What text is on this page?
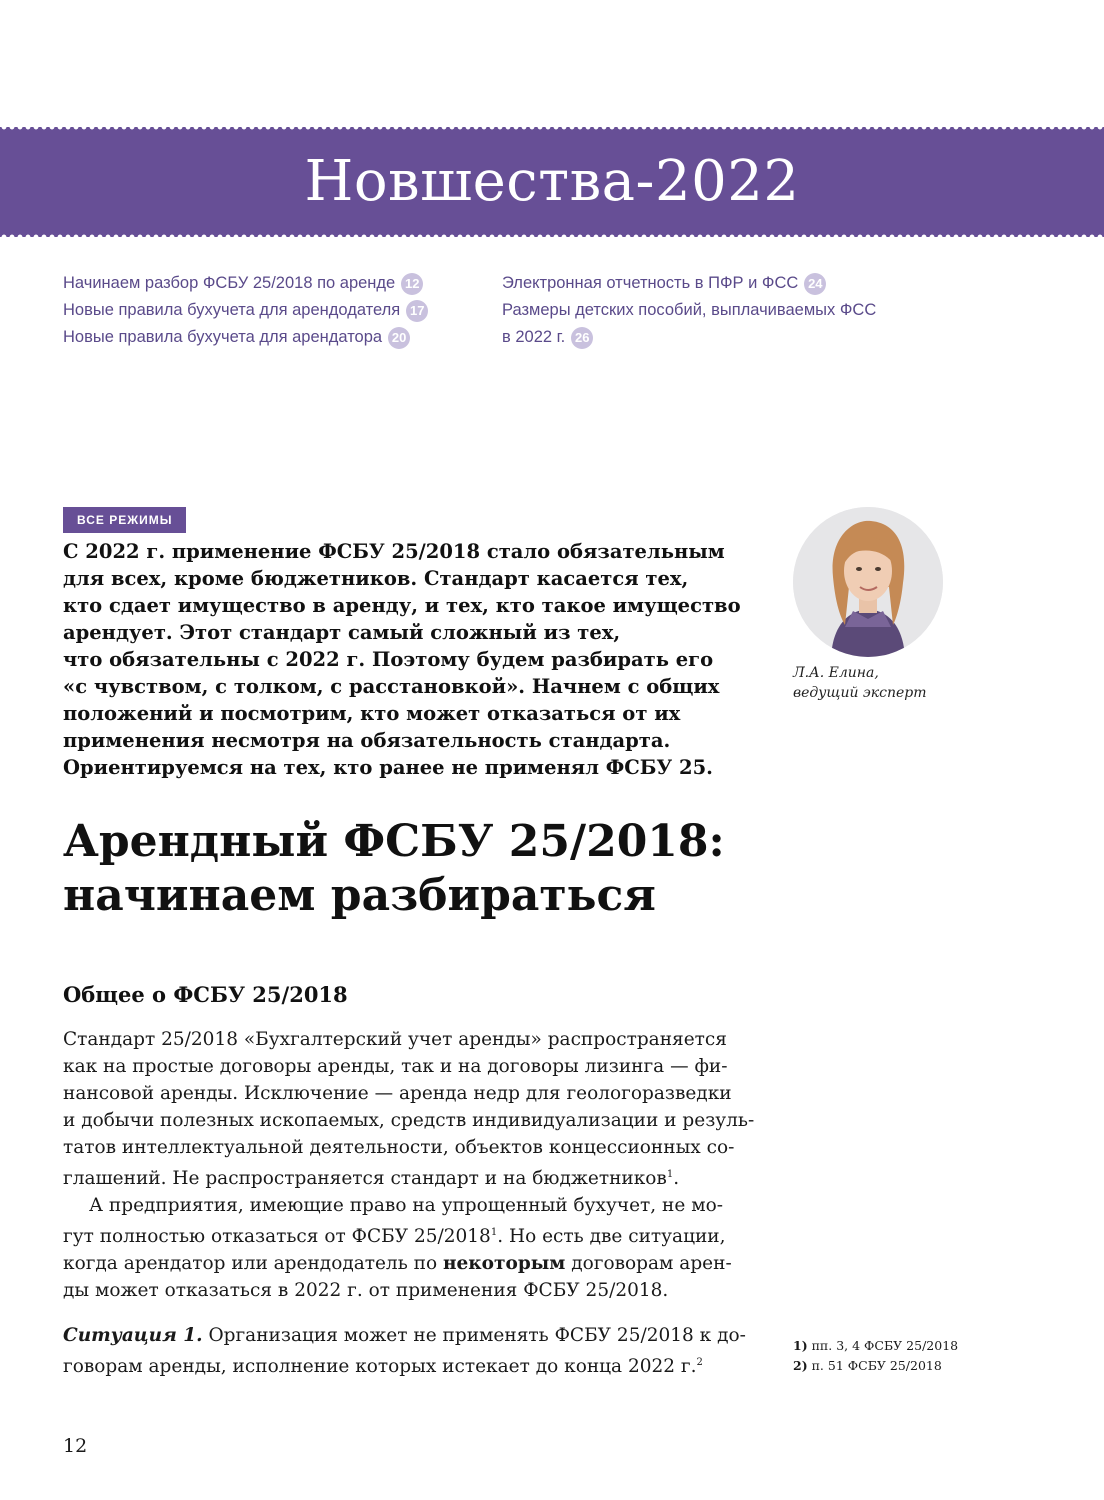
Новшества-2022
Начинаем разбор ФСБУ 25/2018 по аренде 12
Новые правила бухучета для арендодателя 17
Новые правила бухучета для арендатора 20
Электронная отчетность в ПФР и ФСС 24
Размеры детских пособий, выплачиваемых ФСС
в 2022 г. 26
ВСЕ РЕЖИМЫ

С 2022 г. применение ФСБУ 25/2018 стало обязательным

для всех, кроме бюджетников. Стандарт касается тех,

кто сдает имущество в аренду, и тех, кто такое имущество

арендует. Этот стандарт самый сложный из тех,

что обязательны с 2022 г. Поэтому будем разбирать его

«с чувством, с толком, с расстановкой». Начнем с общих

положений и посмотрим, кто может отказаться от их

применения несмотря на обязательность стандарта.

Ориентируемся на тех, кто ранее не применял ФСБУ 25.

Л.А. Елина,
ведущий эксперт

Арендный ФСБУ 25/2018:

начинаем разбираться

Общее о ФСБУ 25/2018

Стандарт 25/2018 «Бухгалтерский учет аренды» распространяется

как на простые договоры аренды, так и на договоры лизинга — фи-

нансовой аренды. Исключение — аренда недр для геологоразведки

и добычи полезных ископаемых, средств индивидуализации и резуль-

татов интеллектуальной деятельности, объектов концессионных со-

глашений. Не распространяется стандарт и на бюджетников$^1$.

А предприятия, имеющие право на упрощенный бухучет, не мо-

гут полностью отказаться от ФСБУ 25/2018$^1$. Но есть две ситуации,

когда арендатор или арендодатель по некоторым договорам арен-

ды может отказаться в 2022 г. от применения ФСБУ 25/2018.

Ситуация 1. Организация может не применять ФСБУ 25/2018 к до-

говорам аренды, исполнение которых истекает до конца 2022 г.$^2$

1) пп. 3, 4 ФСБУ 25/2018
2) п. 51 ФСБУ 25/2018
12
